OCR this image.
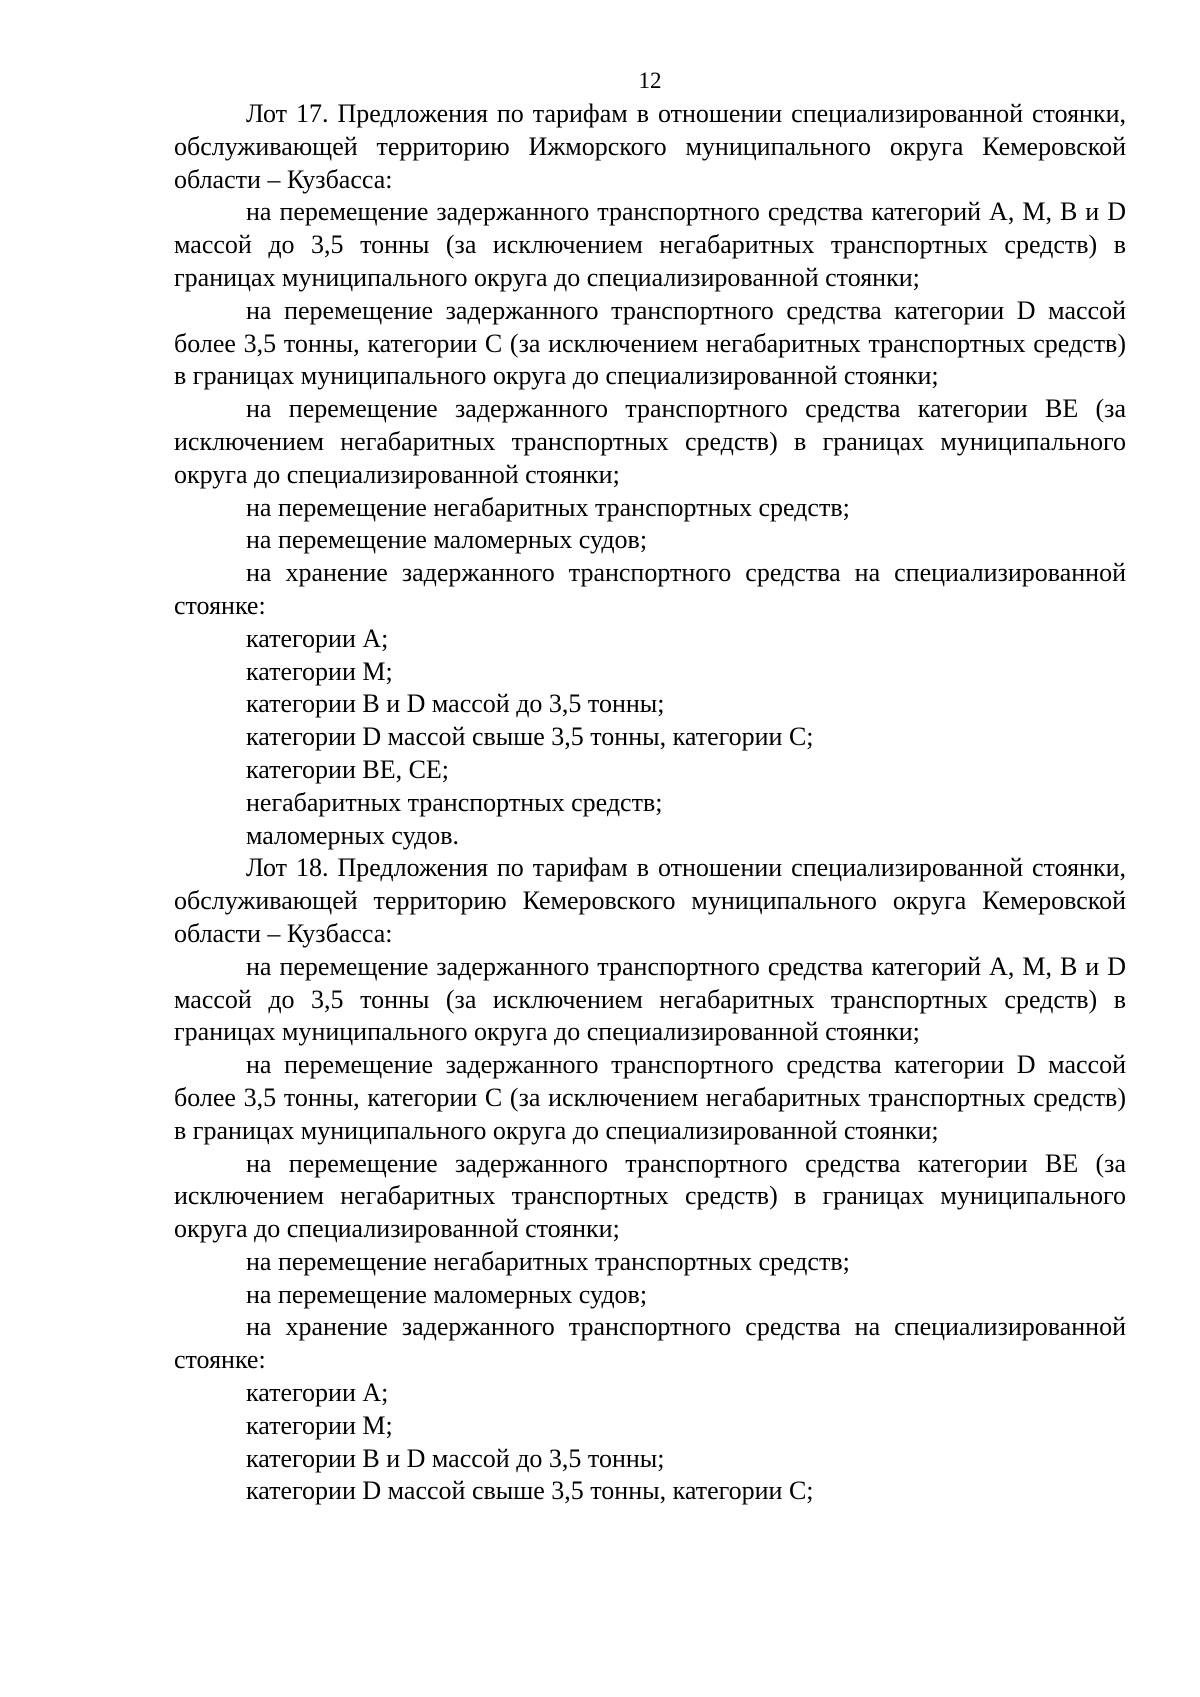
12

Лот 17. Предложения по тарифам в отношении специализированной стоянки, обслуживающей территорию Ижморского муниципального округа Кемеровской области – Кузбасса:

на перемещение задержанного транспортного средства категорий A, M, B и D массой до 3,5 тонны (за исключением негабаритных транспортных средств) в границах муниципального округа до специализированной стоянки;

на перемещение задержанного транспортного средства категории D массой более 3,5 тонны, категории C (за исключением негабаритных транспортных средств) в границах муниципального округа до специализированной стоянки;

на перемещение задержанного транспортного средства категории BE (за исключением негабаритных транспортных средств) в границах муниципального округа до специализированной стоянки;

на перемещение негабаритных транспортных средств;

на перемещение маломерных судов;

на хранение задержанного транспортного средства на специализированной стоянке:

категории A;

категории M;

категории B и D массой до 3,5 тонны;

категории D массой свыше 3,5 тонны, категории C;

категории BE, CE;

негабаритных транспортных средств;

маломерных судов.

Лот 18. Предложения по тарифам в отношении специализированной стоянки, обслуживающей территорию Кемеровского муниципального округа Кемеровской области – Кузбасса:

на перемещение задержанного транспортного средства категорий A, M, B и D массой до 3,5 тонны (за исключением негабаритных транспортных средств) в границах муниципального округа до специализированной стоянки;

на перемещение задержанного транспортного средства категории D массой более 3,5 тонны, категории C (за исключением негабаритных транспортных средств) в границах муниципального округа до специализированной стоянки;

на перемещение задержанного транспортного средства категории BE (за исключением негабаритных транспортных средств) в границах муниципального округа до специализированной стоянки;

на перемещение негабаритных транспортных средств;

на перемещение маломерных судов;

на хранение задержанного транспортного средства на специализированной стоянке:

категории A;

категории M;

категории B и D массой до 3,5 тонны;

категории D массой свыше 3,5 тонны, категории C;
